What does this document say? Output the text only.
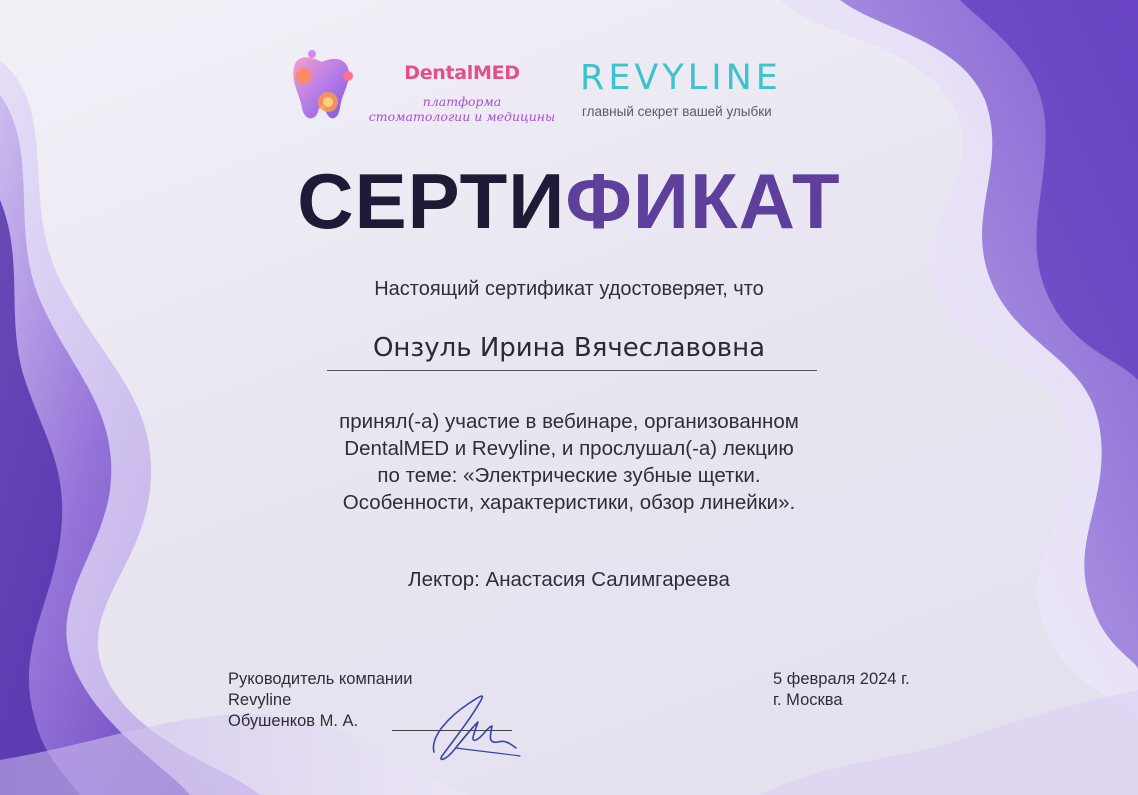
DentalMED
платформа
стоматологии и медицины
REVYLINE
главный секрет вашей улыбки
СЕРТИФИКАТ
Настоящий сертификат удостоверяет, что
Онзуль Ирина Вячеславовна
принял(-а) участие в вебинаре, организованном
DentalMED и Revyline, и прослушал(-а) лекцию
по теме: «Электрические зубные щетки.
Особенности, характеристики, обзор линейки».
Лектор: Анастасия Салимгареева
Руководитель компании
Revyline
Обушенков М. А.
5 февраля 2024 г.
г. Москва
